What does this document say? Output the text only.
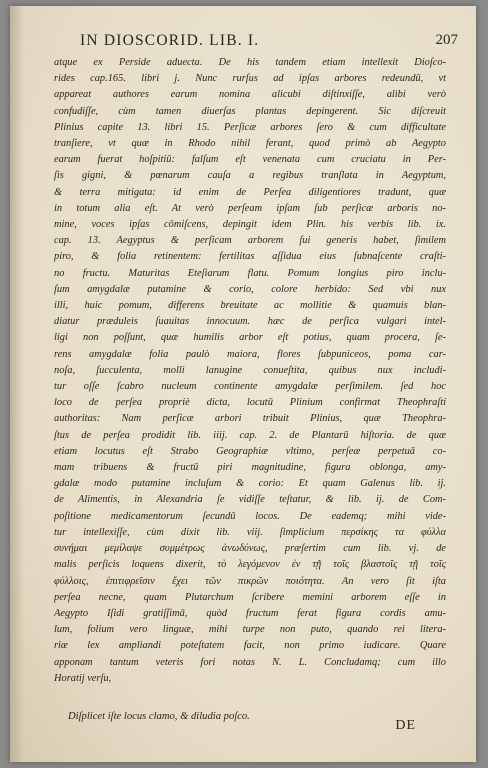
IN DIOSCORID. LIB. I.	207
atque ex Perside aduecta. De his tandem etiam intellexit Dioſco-
rides cap.165. libri j. Nunc rurſus ad ipſas arbores redeundū, vt
appareat authores earum nomina alicubi diſtinxiſſe, alibi verò
confudiſſe, cùm tamen diuerſas plantas depingerent. Sic diſcreuit
Plinius capite 13. libri 15. Perſicæ arbores ſero & cum difficultate
tranſiere, vt quæ in Rhodo nihil ferant, quod primò ab Aegypto
earum fuerat hoſpitiū: falſum eſt venenata cum cruciatu in Per-
ſis gigni, & pœnarum cauſa a regibus tranſlata in Aegyptum,
& terra mitigata: id enim de Perſea diligentiores tradunt, quæ
in totum alia eſt. At verò perſeam ipſam ſub perſicæ arboris no-
mine, voces ipſas cōmiſcens, depingit idem Plin. his verbis lib. ix.
cap. 13. Aegyptus & perſicam arborem ſui generis habet, ſimilem
piro, & folia retinentem: fertilitas aſſidua eius ſubnaſcente craſti-
no fructu. Maturitas Eteſiarum flatu. Pomum longius piro inclu-
ſum amygdalæ putamine & corio, colore herbido: Sed vbi nux
illi, huic pomum, differens breuitate ac mollitie & quamuis blan-
diatur præduleis ſuauitas innocuum. hæc de perſica vulgari intel-
ligi non poſſunt, quæ humilis arbor eſt potius, quam procera, ſe-
rens amygdalæ folia paulò maiora, flores ſubpuniceos, poma car-
noſa, ſucculenta, molli lanugine conueſtita, quibus nux includi-
tur oſſe ſcabro nucleum continente amygdalæ perſimilem. ſed hoc
loco de perſea propriè dicta, locutū Plinium confirmat Theophraſti
authoritas: Nam perſicæ arbori tribuit Plinius, quæ Theophra-
ſtus de perſea prodidit lib. iiij. cap. 2. de Plantarū hiſtoria. de quæ
etiam locutus eſt Strabo Geographiæ vltimo, perſeæ perpetuā co-
mam tribuens & fructū piri magnitudine, figura oblonga, amy-
gdalæ modo putamine incluſum & corio: Et quam Galenus lib. ij.
de Alimentis, in Alexandria ſe vidiſſe teſtatur, & lib. ij. de Com-
poſitione medicamentorum ſecundū locos. De eademq; mihi vide-
tur intellexiſſe, cùm dixit lib. viij. ſimplicium περσίκης τα φύλλα
συνήμαι μεμίλαψε συμμέτρως ἀνωδύνως, præſertim cum lib. vj. de
malis perſicis loquens dixerit, τὸ λεγόμενον ἐν τῇ τοῖς βλαστοῖς τῇ τοῖς
φύλλοις, ἐπιτιφρεῖσιν ἔχει τῶν πικρῶν ποιότητα. An vero ſit iſta
perſea necne, quam Plutarchum ſcribere memini arborem eſſe in
Aegypto Iſidi gratiſſimā, quòd fructum ferat figura cordis amu-
lum, folium vero linguæ, mihi turpe non puto, quando rei litera-
riæ lex ampliandi poteſtatem facit, non primo iudicare. Quare
apponam tantum veteris fori notas N. L. Concludamq; cum illo
Horatij verſu,
Diſplicet iſte locus clamo, & diludia poſco.
DE
